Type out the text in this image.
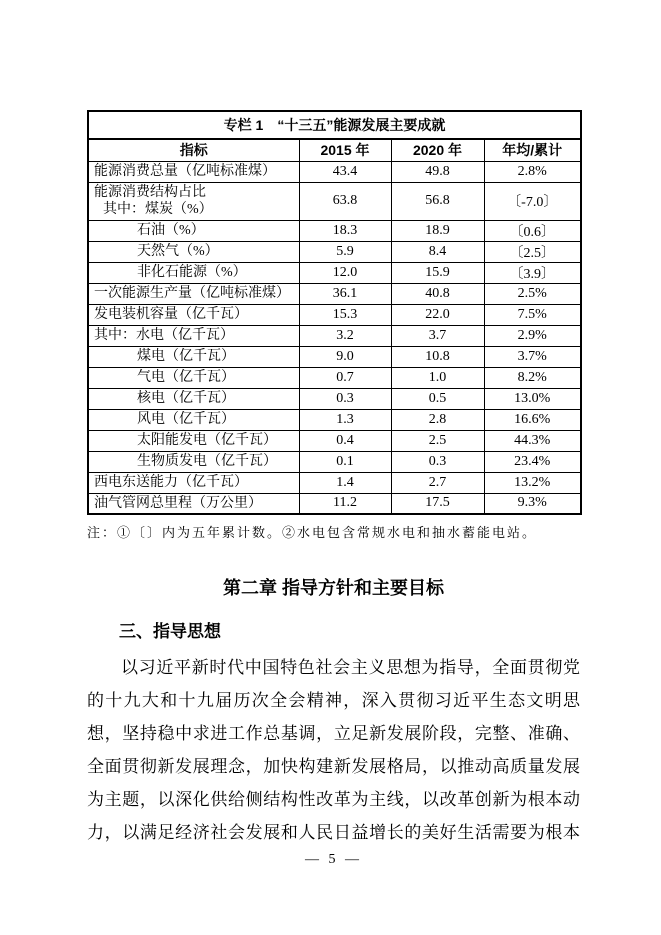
专栏 1　“十三五”能源发展主要成就			
指标	2015 年	2020 年	年均/累计
能源消费总量（亿吨标准煤）	43.4	49.8	2.8%
能源消费结构占比
其中：煤炭（%）	63.8	56.8	〔-7.0〕
石油（%）	18.3	18.9	〔0.6〕
天然气（%）	5.9	8.4	〔2.5〕
非化石能源（%）	12.0	15.9	〔3.9〕
一次能源生产量（亿吨标准煤）	36.1	40.8	2.5%
发电装机容量（亿千瓦）	15.3	22.0	7.5%
其中：水电（亿千瓦）	3.2	3.7	2.9%
煤电（亿千瓦）	9.0	10.8	3.7%
气电（亿千瓦）	0.7	1.0	8.2%
核电（亿千瓦）	0.3	0.5	13.0%
风电（亿千瓦）	1.3	2.8	16.6%
太阳能发电（亿千瓦）	0.4	2.5	44.3%
生物质发电（亿千瓦）	0.1	0.3	23.4%
西电东送能力（亿千瓦）	1.4	2.7	13.2%
油气管网总里程（万公里）	11.2	17.5	9.3%
注：①〔〕内为五年累计数。②水电包含常规水电和抽水蓄能电站。
第二章 指导方针和主要目标
三、指导思想
以习近平新时代中国特色社会主义思想为指导，全面贯彻党
的十九大和十九届历次全会精神，深入贯彻习近平生态文明思
想，坚持稳中求进工作总基调，立足新发展阶段，完整、准确、
全面贯彻新发展理念，加快构建新发展格局，以推动高质量发展
为主题，以深化供给侧结构性改革为主线，以改革创新为根本动
力，以满足经济社会发展和人民日益增长的美好生活需要为根本
— 5 —
